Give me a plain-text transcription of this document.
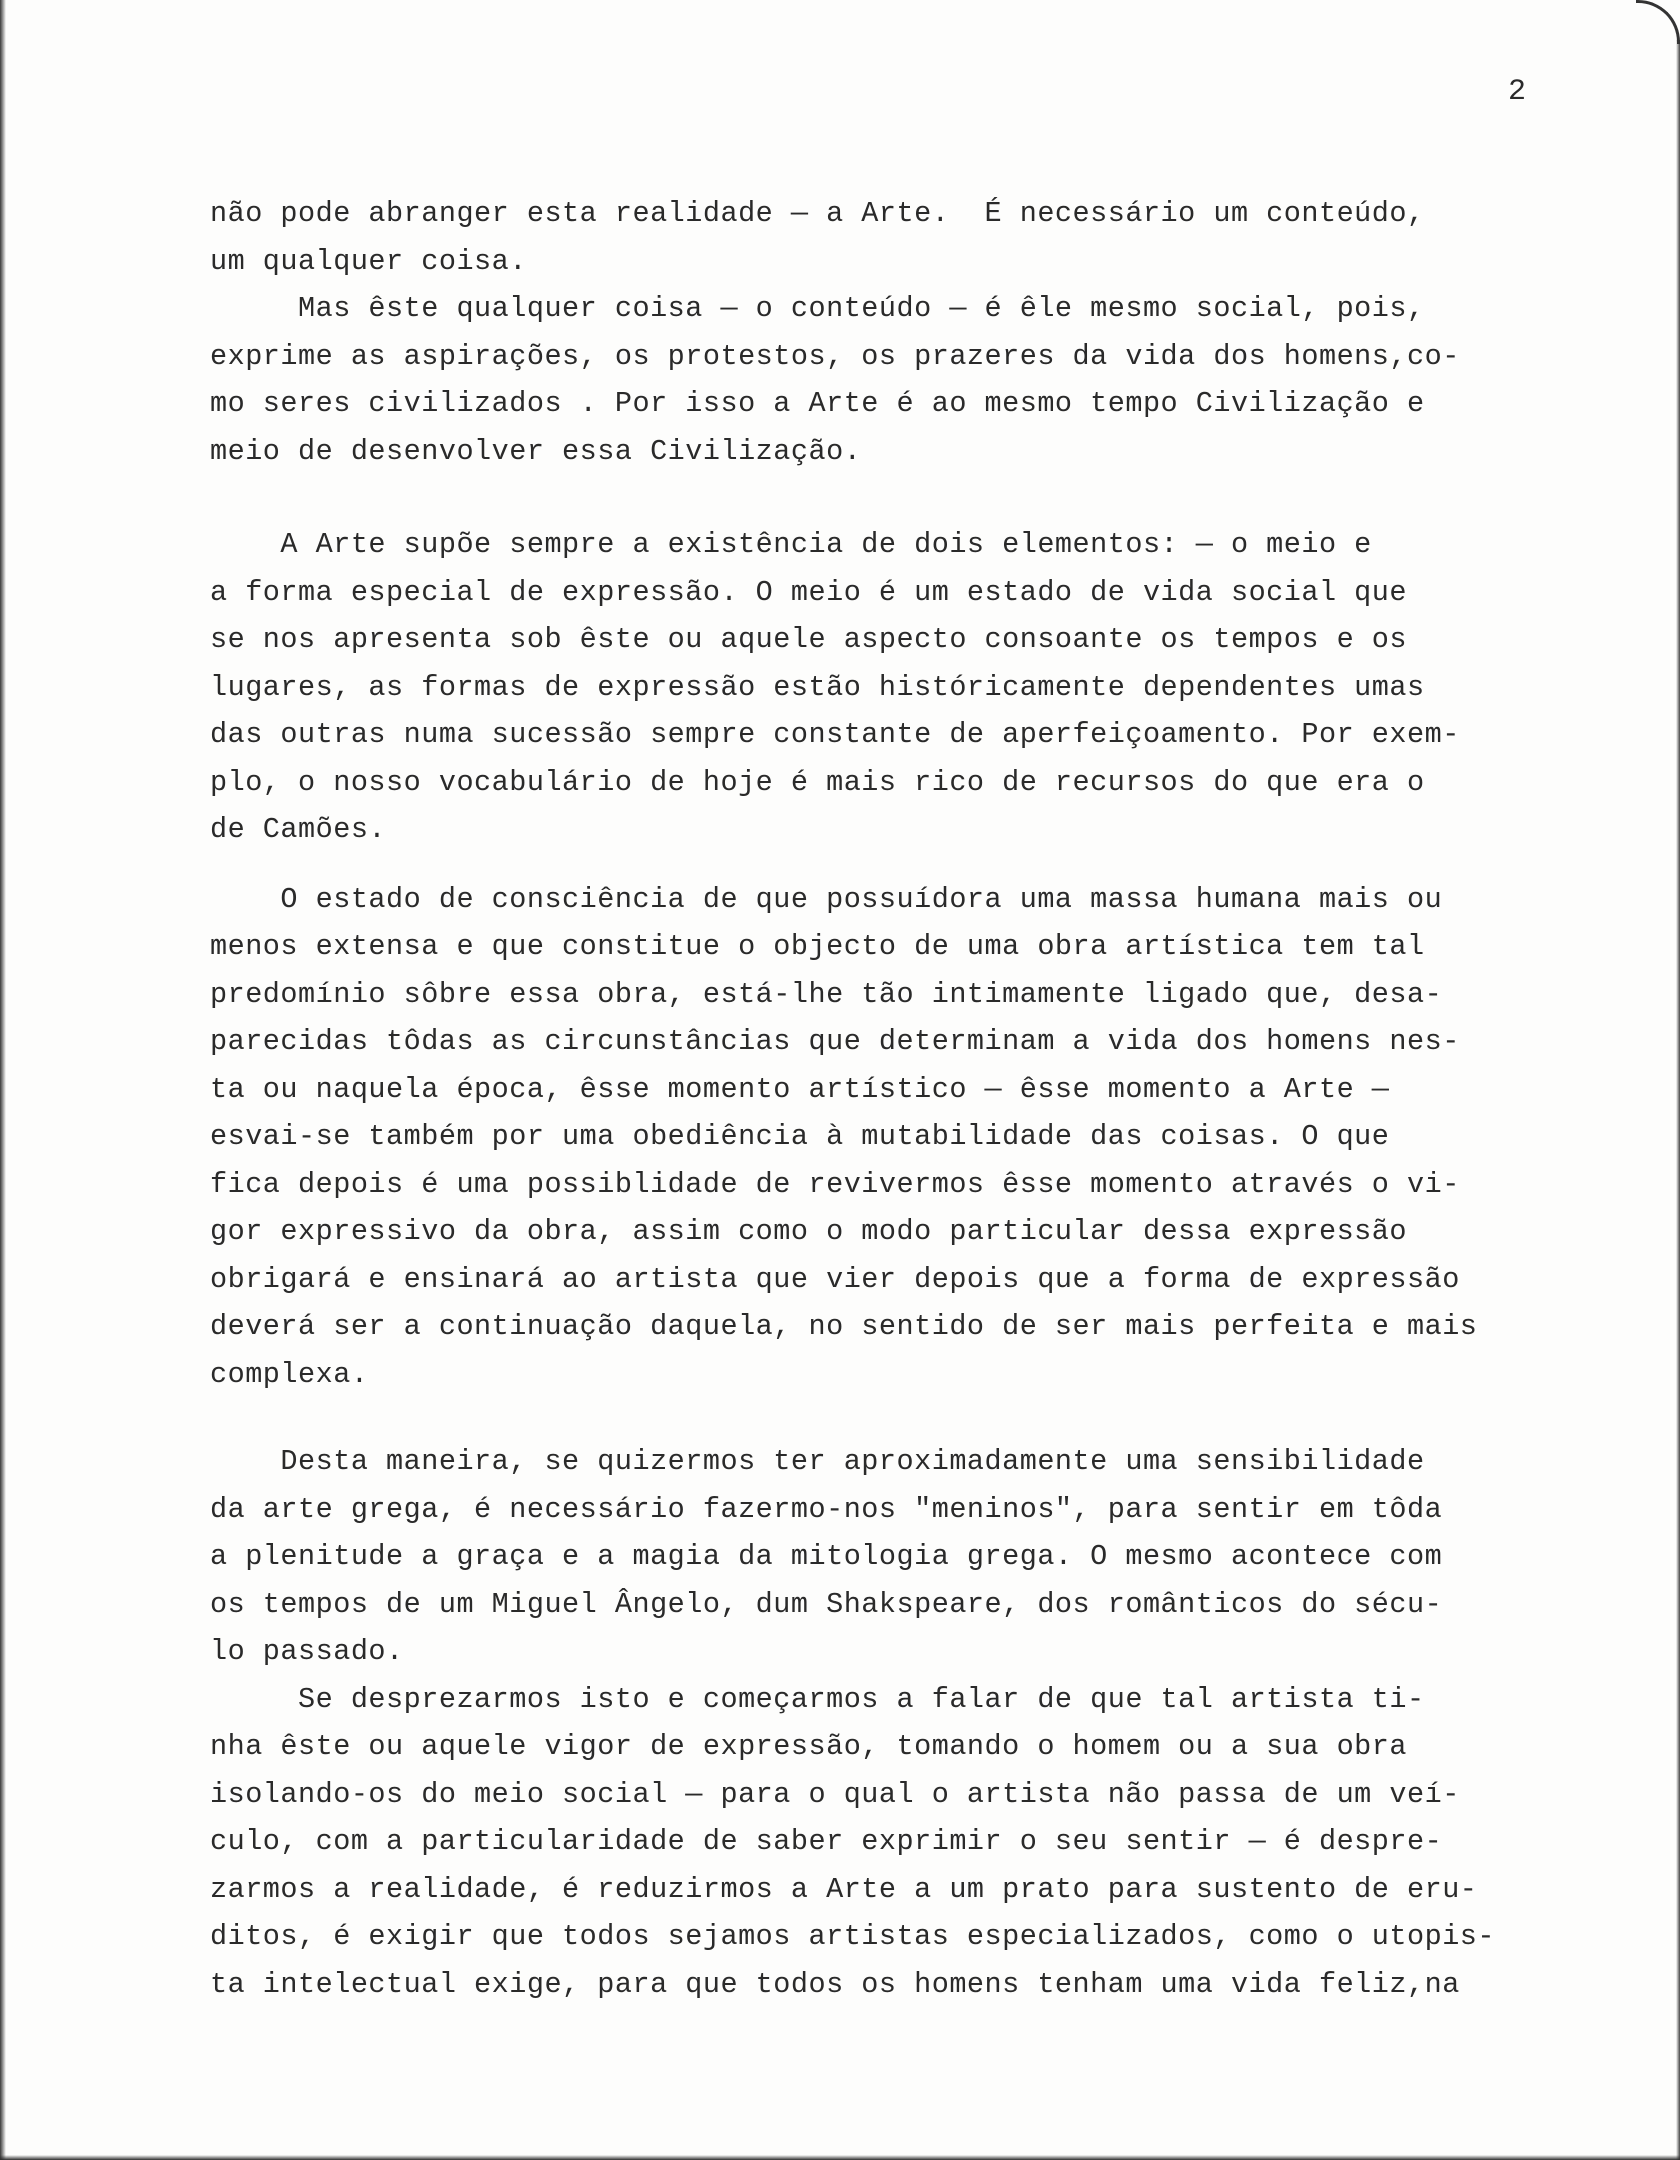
2
não pode abranger esta realidade — a Arte.  É necessário um conteúdo,
um qualquer coisa.
Mas êste qualquer coisa — o conteúdo — é êle mesmo social, pois,
exprime as aspirações, os protestos, os prazeres da vida dos homens,co-
mo seres civilizados . Por isso a Arte é ao mesmo tempo Civilização e
meio de desenvolver essa Civilização.
A Arte supõe sempre a existência de dois elementos: — o meio e
a forma especial de expressão. O meio é um estado de vida social que
se nos apresenta sob êste ou aquele aspecto consoante os tempos e os
lugares, as formas de expressão estão históricamente dependentes umas
das outras numa sucessão sempre constante de aperfeiçoamento. Por exem-
plo, o nosso vocabulário de hoje é mais rico de recursos do que era o
de Camões.
O estado de consciência de que possuídora uma massa humana mais ou
menos extensa e que constitue o objecto de uma obra artística tem tal
predomínio sôbre essa obra, está-lhe tão intimamente ligado que, desa-
parecidas tôdas as circunstâncias que determinam a vida dos homens nes-
ta ou naquela época, êsse momento artístico — êsse momento a Arte —
esvai-se também por uma obediência à mutabilidade das coisas. O que
fica depois é uma possiblidade de revivermos êsse momento através o vi-
gor expressivo da obra, assim como o modo particular dessa expressão
obrigará e ensinará ao artista que vier depois que a forma de expressão
deverá ser a continuação daquela, no sentido de ser mais perfeita e mais
complexa.
Desta maneira, se quizermos ter aproximadamente uma sensibilidade
da arte grega, é necessário fazermo-nos "meninos", para sentir em tôda
a plenitude a graça e a magia da mitologia grega. O mesmo acontece com
os tempos de um Miguel Ângelo, dum Shakspeare, dos românticos do sécu-
lo passado.
Se desprezarmos isto e começarmos a falar de que tal artista ti-
nha êste ou aquele vigor de expressão, tomando o homem ou a sua obra
isolando-os do meio social — para o qual o artista não passa de um veí-
culo, com a particularidade de saber exprimir o seu sentir — é despre-
zarmos a realidade, é reduzirmos a Arte a um prato para sustento de eru-
ditos, é exigir que todos sejamos artistas especializados, como o utopis-
ta intelectual exige, para que todos os homens tenham uma vida feliz,na
